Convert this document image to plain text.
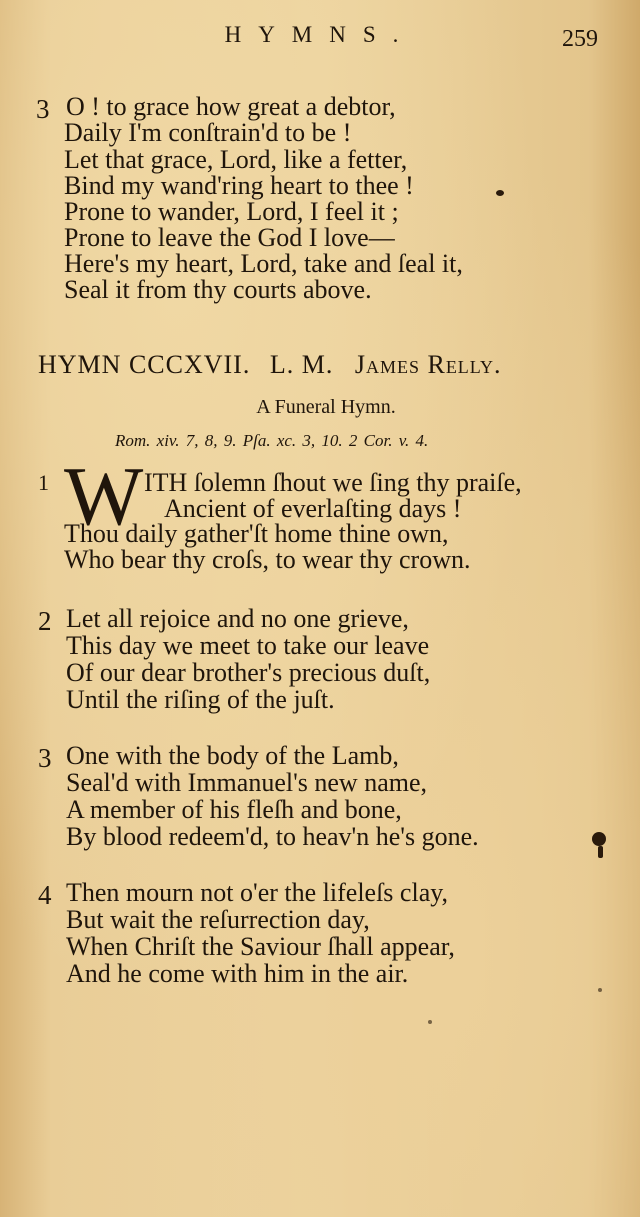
HYMNS.	259
3 O ! to grace how great a debtor,
Daily I'm conſtrain'd to be !
Let that grace, Lord, like a fetter,
Bind my wand'ring heart to thee !
Prone to wander, Lord, I feel it ;
Prone to leave the God I love—
Here's my heart, Lord, take and ſeal it,
Seal it from thy courts above.
HYMN CCCXVII. L. M. James Relly.
A Funeral Hymn.
Rom. xiv. 7, 8, 9. Pſa. xc. 3, 10. 2 Cor. v. 4.
1 W ITH ſolemn ſhout we ſing thy praiſe,
Ancient of everlaſting days !
Thou daily gather'ſt home thine own,
Who bear thy croſs, to wear thy crown.
2 Let all rejoice and no one grieve,
This day we meet to take our leave
Of our dear brother's precious duſt,
Until the riſing of the juſt.
3 One with the body of the Lamb,
Seal'd with Immanuel's new name,
A member of his fleſh and bone,
By blood redeem'd, to heav'n he's gone.
4 Then mourn not o'er the lifeleſs clay,
But wait the reſurrection day,
When Chriſt the Saviour ſhall appear,
And he come with him in the air.
